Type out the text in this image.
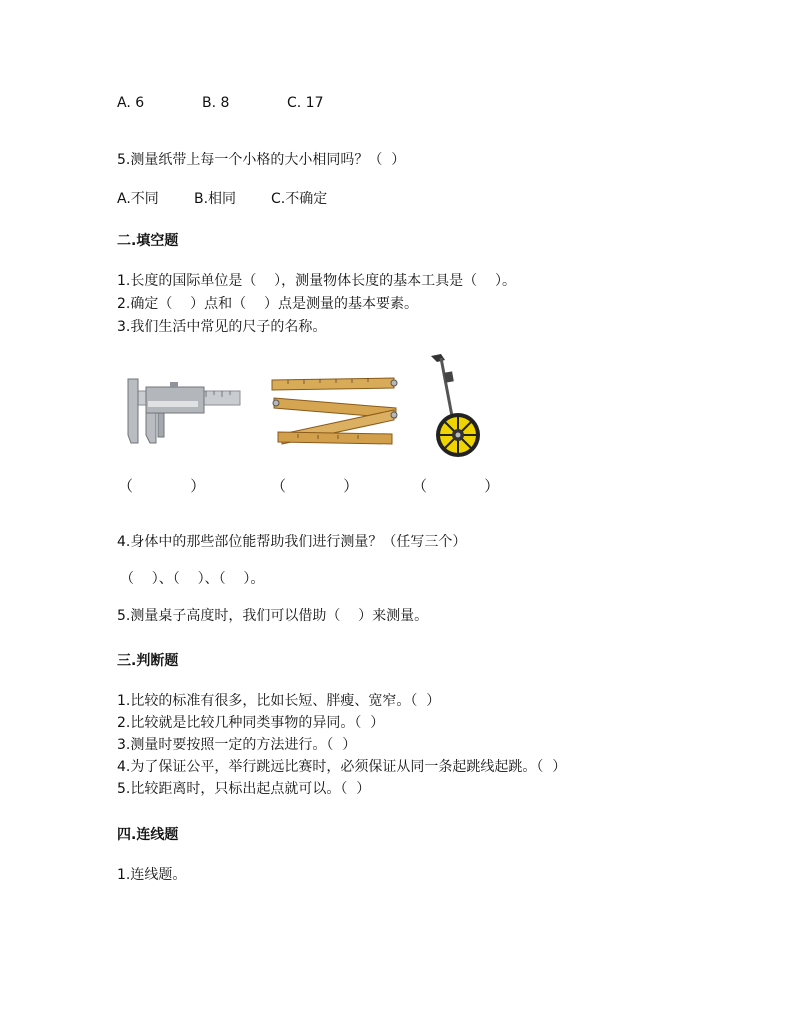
A. 6	B. 8	C. 17
5.测量纸带上每一个小格的大小相同吗？（  ）
A.不同	B.相同	C.不确定
二.填空题
1.长度的国际单位是（    ），测量物体长度的基本工具是（    ）。
2.确定（    ）点和（    ）点是测量的基本要素。
3.我们生活中常见的尺子的名称。
（            ）	（            ）	（            ）
4.身体中的那些部位能帮助我们进行测量？（任写三个）
（    ）、（    ）、（    ）。
5.测量桌子高度时，我们可以借助（    ）来测量。
三.判断题
1.比较的标准有很多，比如长短、胖瘦、宽窄。（  ）
2.比较就是比较几种同类事物的异同。（  ）
3.测量时要按照一定的方法进行。（  ）
4.为了保证公平，举行跳远比赛时，必须保证从同一条起跳线起跳。（  ）
5.比较距离时，只标出起点就可以。（  ）
四.连线题
1.连线题。
